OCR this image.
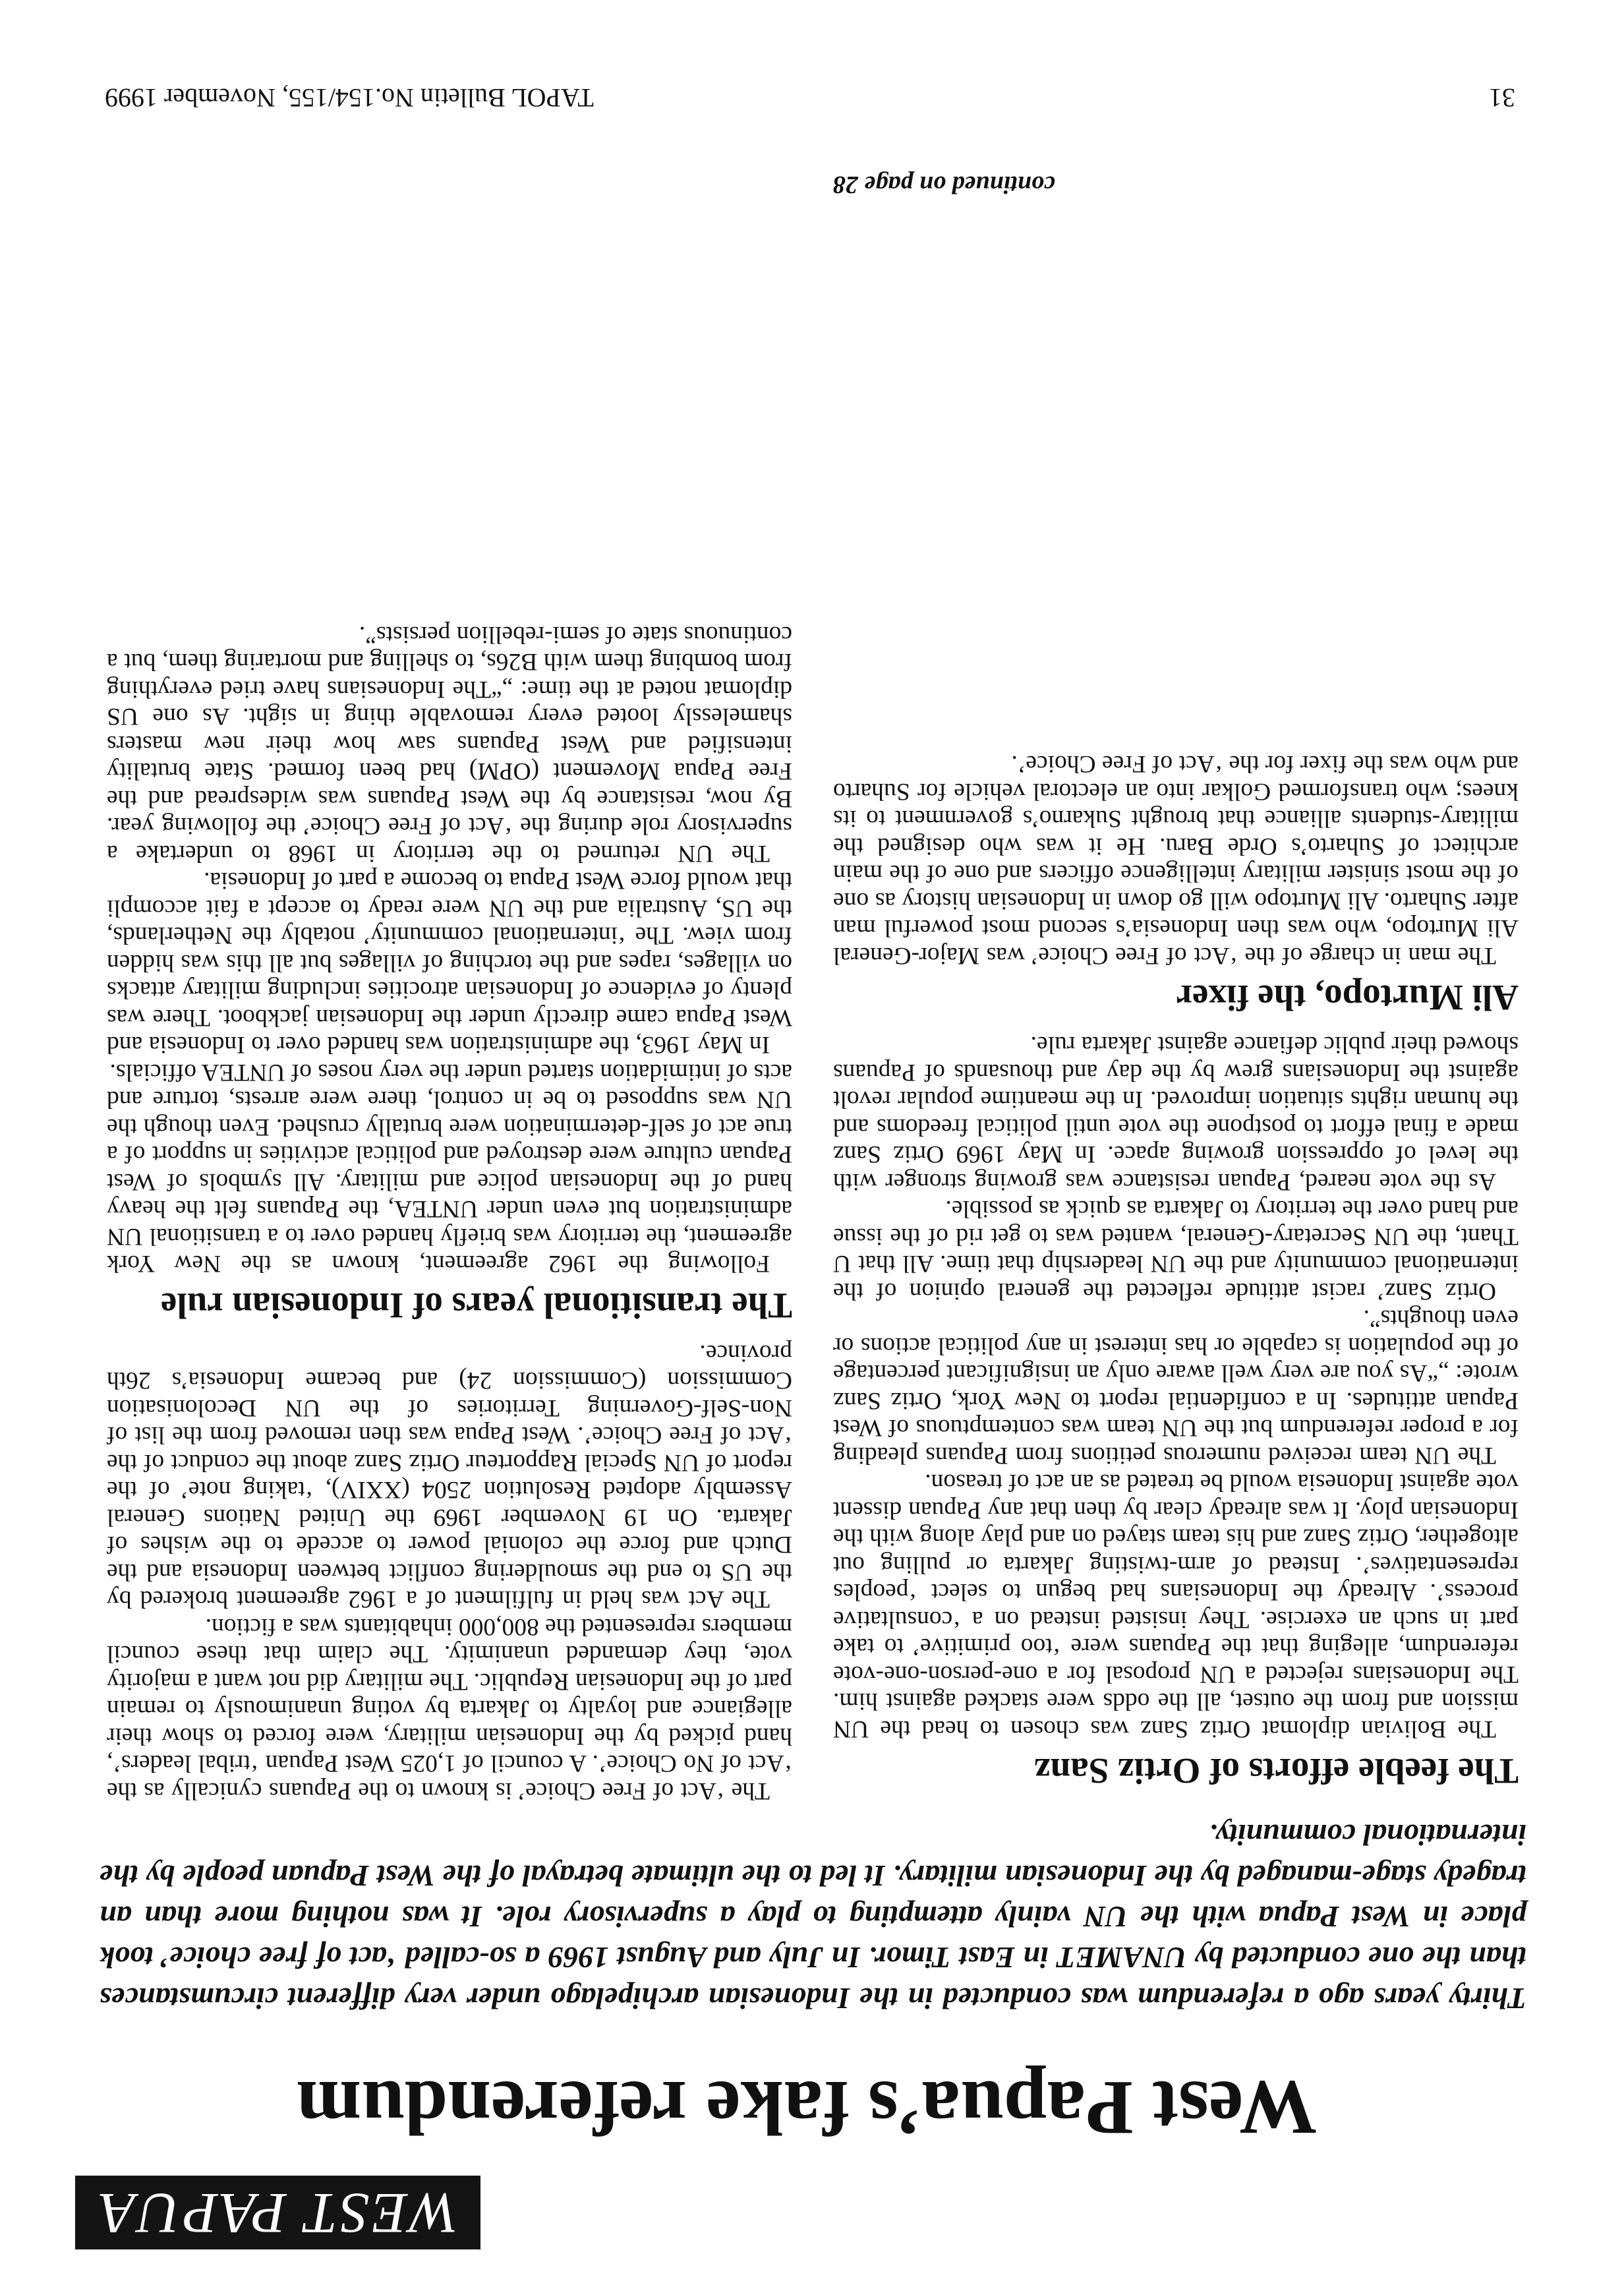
WEST PAPUA
West Papua’s fake referendum
Thirty years ago a referendum was conducted in the Indonesian archipelago under very different circumstances than the one conducted by UNAMET in East Timor. In July and August 1969 a so-called ‘act of free choice’ took place in West Papua with the UN vainly attempting to play a supervisory role. It was nothing more than an tragedy stage-managed by the Indonesian military. It led to the ultimate betrayal of the West Papuan people by the international community.

The ‘Act of Free Choice’ is known to the Papuans cynically as the ‘Act of No Choice’. A council of 1,025 West Papuan ‘tribal leaders’, hand picked by the Indonesian military, were forced to show their allegiance and loyalty to Jakarta by voting unanimously to remain part of the Indonesian Republic. The military did not want a majority vote, they demanded unanimity. The claim that these council members represented the 800,000 inhabitants was a fiction.

The Act was held in fulfilment of a 1962 agreement brokered by the US to end the smouldering conflict between Indonesia and the Dutch and force the colonial power to accede to the wishes of Jakarta. On 19 November 1969 the United Nations General Assembly adopted Resolution 2504 (XXIV), ‘taking note’ of the report of UN Special Rapporteur Ortiz Sanz about the conduct of the ‘Act of Free Choice’. West Papua was then removed from the list of Non-Self-Governing Territories of the UN Decolonisation Commission (Commission 24) and became Indonesia’s 26th province.

The transitional years of Indonesian rule

Following the 1962 agreement, known as the New York agreement, the territory was briefly handed over to a transitional UN administration but even under UNTEA, the Papuans felt the heavy hand of the Indonesian police and military. All symbols of West Papuan culture were destroyed and political activities in support of a true act of self-determination were brutally crushed. Even though the UN was supposed to be in control, there were arrests, torture and acts of intimidation started under the very noses of UNTEA officials.

In May 1963, the administration was handed over to Indonesia and West Papua came directly under the Indonesian jackboot. There was plenty of evidence of Indonesian atrocities including military attacks on villages, rapes and the torching of villages but all this was hidden from view. The ‘international community’ notably the Netherlands, the US, Australia and the UN were ready to accept a fait accompli that would force West Papua to become a part of Indonesia.

The UN returned to the territory in 1968 to undertake a supervisory role during the ‘Act of Free Choice’ the following year. By now, resistance by the West Papuans was widespread and the Free Papua Movement (OPM) had been formed. State brutality intensified and West Papuans saw how their new masters shamelessly looted every removable thing in sight. As one US diplomat noted at the time: „“The Indonesians have tried everything from bombing them with B26s, to shelling and mortaring them, but a continuous state of semi-rebellion persists”.

The feeble efforts of Ortiz Sanz

The Bolivian diplomat Ortiz Sanz was chosen to head the UN mission and from the outset, all the odds were stacked against him. The Indonesians rejected a UN proposal for a one-person-one-vote referendum, alleging that the Papuans were ‘too primitive’ to take part in such an exercise. They insisted instead on a ‘consultative process’. Already the Indonesians had begun to select ‘peoples representatives’. Instead of arm-twisting Jakarta or pulling out altogether, Ortiz Sanz and his team stayed on and play along with the Indonesian ploy. It was already clear by then that any Papuan dissent vote against Indonesia would be treated as an act of treason.

The UN team received numerous petitions from Papuans pleading for a proper referendum but the UN team was contemptuous of West Papuan attitudes. In a confidential report to New York, Ortiz Sanz wrote: „“As you are very well aware only an insignificant percentage of the population is capable or has interest in any political actions or even thoughts”.

Ortiz Sanz’ racist attitude reflected the general opinion of the international community and the UN leadership that time. All that U Thant, the UN Secretary-General, wanted was to get rid of the issue and hand over the territory to Jakarta as quick as possible.

As the vote neared, Papuan resistance was growing stronger with the level of oppression growing apace. In May 1969 Ortiz Sanz made a final effort to postpone the vote until political freedoms and the human rights situation improved. In the meantime popular revolt against the Indonesians grew by the day and thousands of Papuans showed their public defiance against Jakarta rule.

Ali Murtopo, the fixer

The man in charge of the ‘Act of Free Choice’ was Major-General Ali Murtopo, who was then Indonesia’s second most powerful man after Suharto. Ali Murtopo will go down in Indonesian history as one of the most sinister military intelligence officers and one of the main architect of Suharto’s Orde Baru. He it was who designed the military-students alliance that brought Sukarno’s government to its knees; who transformed Golkar into an electoral vehicle for Suharto and who was the fixer for the ‘Act of Free Choice’.

continued on page 28
31
TAPOL Bulletin No.154/155, November 1999
